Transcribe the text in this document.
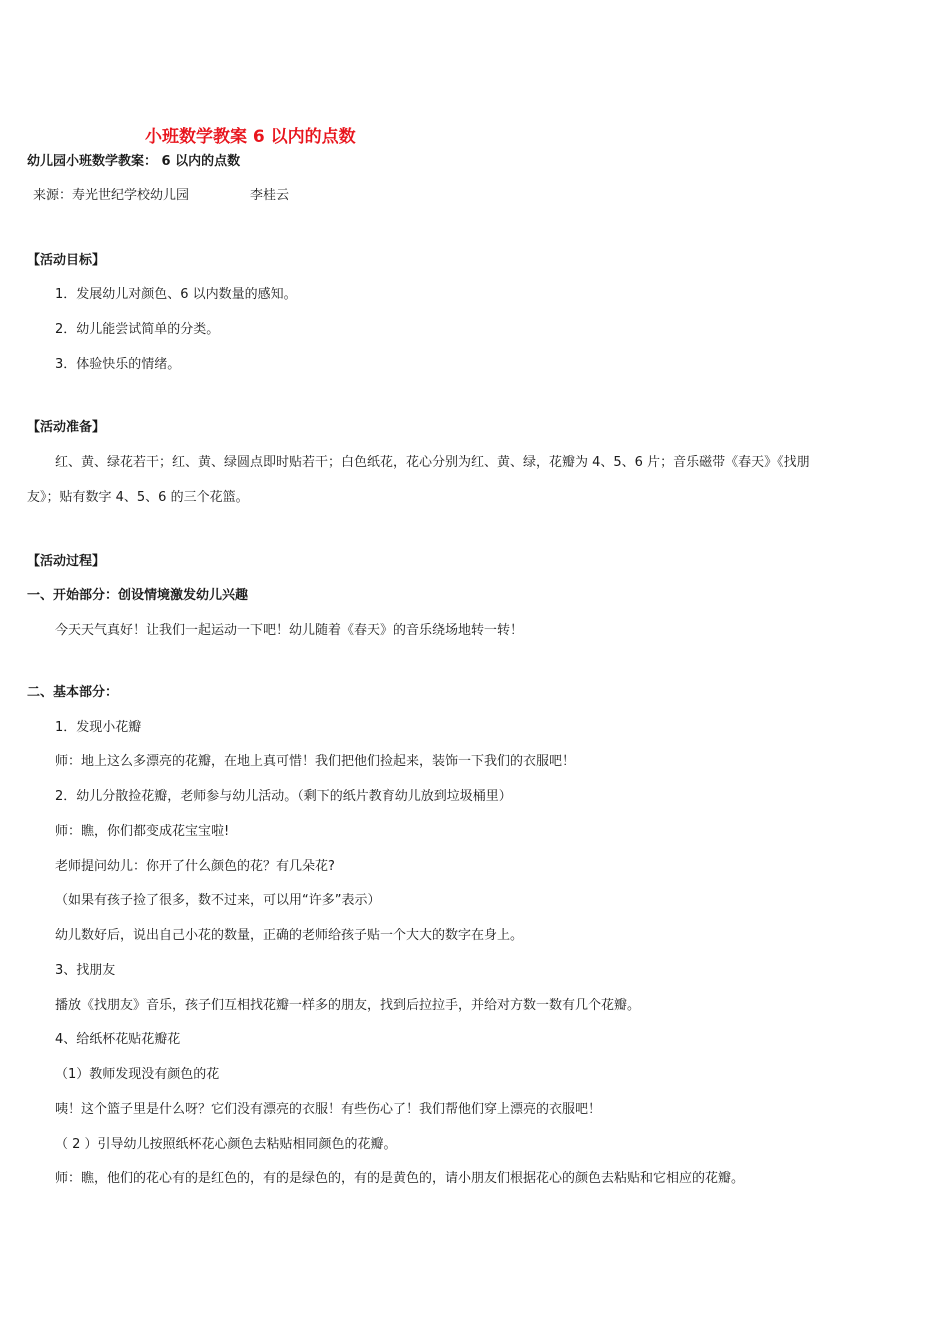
小班数学教案 6 以内的点数
幼儿园小班数学教案： 6 以内的点数
来源：寿光世纪学校幼儿园	李桂云
【活动目标】
1．发展幼儿对颜色、6 以内数量的感知。
2．幼儿能尝试简单的分类。
3．体验快乐的情绪。
【活动准备】
红、黄、绿花若干；红、黄、绿圆点即时贴若干；白色纸花，花心分别为红、黄、绿，花瓣为 4、5、6 片；音乐磁带《春天》《找朋
友》；贴有数字 4、5、6 的三个花篮。
【活动过程】
一、开始部分：创设情境激发幼儿兴趣
今天天气真好！让我们一起运动一下吧！幼儿随着《春天》的音乐绕场地转一转！
二、基本部分：
1．发现小花瓣
师：地上这么多漂亮的花瓣，在地上真可惜！我们把他们捡起来，装饰一下我们的衣服吧！
2．幼儿分散捡花瓣，老师参与幼儿活动。（剩下的纸片教育幼儿放到垃圾桶里）
师：瞧，你们都变成花宝宝啦!
老师提问幼儿：你开了什么颜色的花？有几朵花?
（如果有孩子捡了很多，数不过来，可以用“许多”表示）
幼儿数好后，说出自己小花的数量，正确的老师给孩子贴一个大大的数字在身上。
3、找朋友
播放《找朋友》音乐，孩子们互相找花瓣一样多的朋友，找到后拉拉手，并给对方数一数有几个花瓣。
4、给纸杯花贴花瓣花
（1）教师发现没有颜色的花
咦！这个篮子里是什么呀？它们没有漂亮的衣服！有些伤心了！我们帮他们穿上漂亮的衣服吧！
（ 2 ）引导幼儿按照纸杯花心颜色去粘贴相同颜色的花瓣。
师：瞧，他们的花心有的是红色的，有的是绿色的，有的是黄色的，请小朋友们根据花心的颜色去粘贴和它相应的花瓣。
